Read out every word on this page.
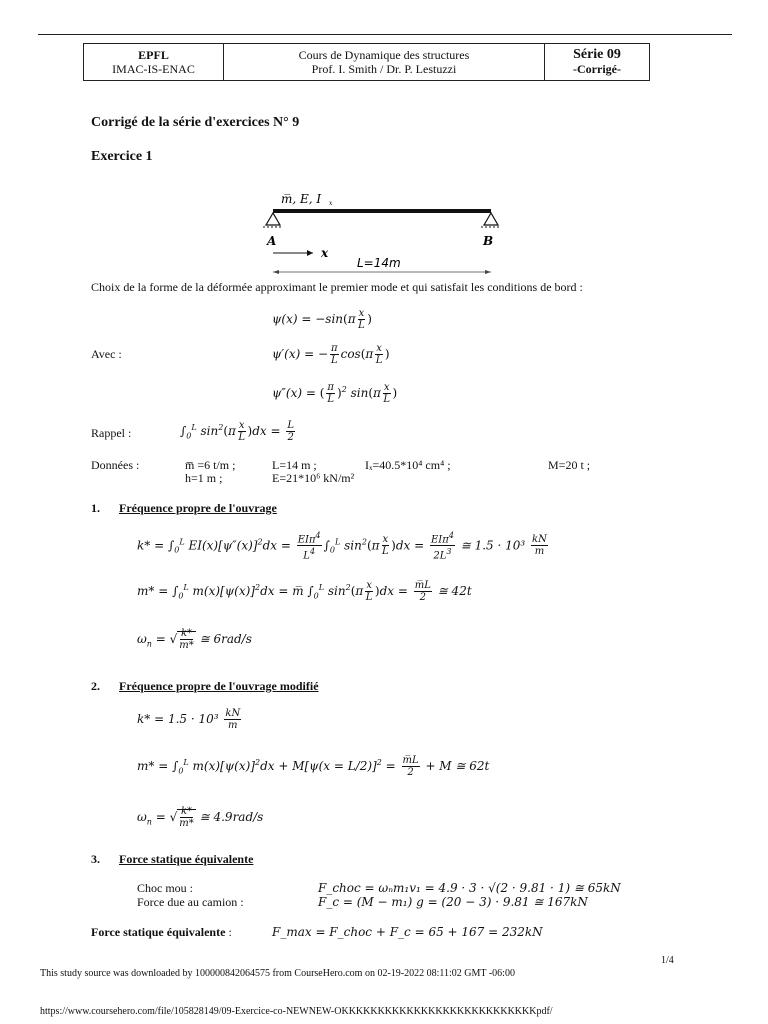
EPFL
IMAC-IS-ENAC

Cours de Dynamique des structures
Prof. I. Smith / Dr. P. Lestuzzi

Série 09
-Corrigé-
Corrigé de la série d'exercices N° 9
Exercice 1
m̅, E, I x
A	B
x
L=14m
Choix de la forme de la déformée approximant le premier mode et qui satisfait les conditions de bord :
$\psi(x) = -\sin(\pi \frac{x}{L}$ )
Avec :	ψ′(x) = − $\frac{\pi}{L} \cos(\pi \frac{x}{L}$ )
ψ″(x) = ( $\frac{\pi}{L} )^2$ $\sin(\pi \frac{x}{L}$ )
Rappel :	$\int_0^L$ $\sin^2(\pi \frac{x}{L} )dx = \frac{L}{2}$
Données :	m̅ =6 t/m ;	L=14 m ;	Iₓ=40.5*10⁴ cm⁴ ;	M=20 t ;
h=1 m ;	E=21*10⁶ kN/m²
1. Fréquence propre de l'ouvrage
$k* = \int_0^L$ $EI(x)[\psi''(x)]^2dx = \frac{EI\pi^4}{L^4} \int_0^L$ $\sin^2(\pi \frac{x}{L} )dx = \frac{EI\pi^4}{2L^3}$ ≅ $1.5 \cdot 10^3 \frac{kN}{m}$
$m* = \int_0^L$ $m(x)[\psi(x)]^2dx$ = m̅ $\int_0^L$ $\sin^2(\pi \frac{x}{L} )dx = \frac{m̅L}{2}$ ≅ 42t
$\omega_n$ = √ $\frac{k*}{m*}$ ≅ 6rad/s
2. Fréquence propre de l'ouvrage modifié
$k* = 1.5 \cdot 10^3 \frac{kN}{m}$
$m* = \int_0^L$ $m(x)[\psi(x)]^2dx + M[\psi(x = L/2)]^2 = \frac{m̅L}{2} + M$ ≅ 62t
$\omega_n$ = √ $\frac{k*}{m*}$ ≅ 4.9rad/s
3. Force statique équivalente
Choc mou :	F_choc = ωₙm₁v₁ = 4.9 · 3 · √(2 · 9.81 · 1) ≅ 65kN
Force due au camion :	F_c = (M − m₁) g = (20 − 3) · 9.81 ≅ 167kN
Force statique équivalente :	F_max = F_choc + F_c = 65 + 167 = 232kN
1/4
This study source was downloaded by 100000842064575 from CourseHero.com on 02-19-2022 08:11:02 GMT -06:00
https://www.coursehero.com/file/105828149/09-Exercice-co-NEWNEW-OKKKKKKKKKKKKKKKKKKKKKKKKKKKpdf/
